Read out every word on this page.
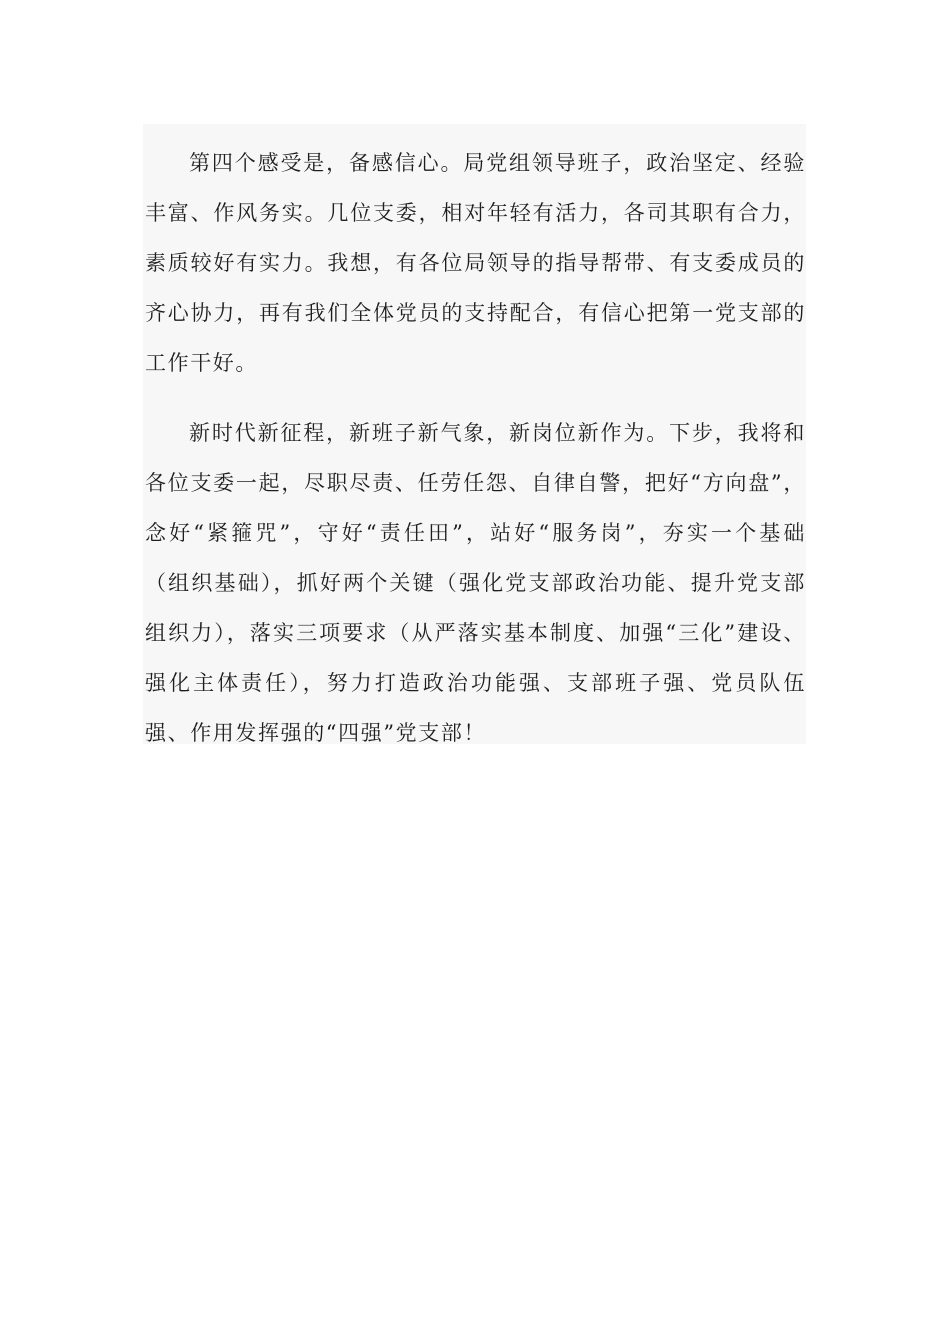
第四个感受是，备感信心。局党组领导班子，政治坚定、经验丰富、作风务实。几位支委，相对年轻有活力，各司其职有合力，素质较好有实力。我想，有各位局领导的指导帮带、有支委成员的齐心协力，再有我们全体党员的支持配合，有信心把第一党支部的工作干好。

新时代新征程，新班子新气象，新岗位新作为。下步，我将和各位支委一起，尽职尽责、任劳任怨、自律自警，把好“方向盘”，念好“紧箍咒”，守好“责任田”，站好“服务岗”，夯实一个基础（组织基础），抓好两个关键（强化党支部政治功能、提升党支部组织力），落实三项要求（从严落实基本制度、加强“三化”建设、强化主体责任），努力打造政治功能强、支部班子强、党员队伍强、作用发挥强的“四强”党支部！
